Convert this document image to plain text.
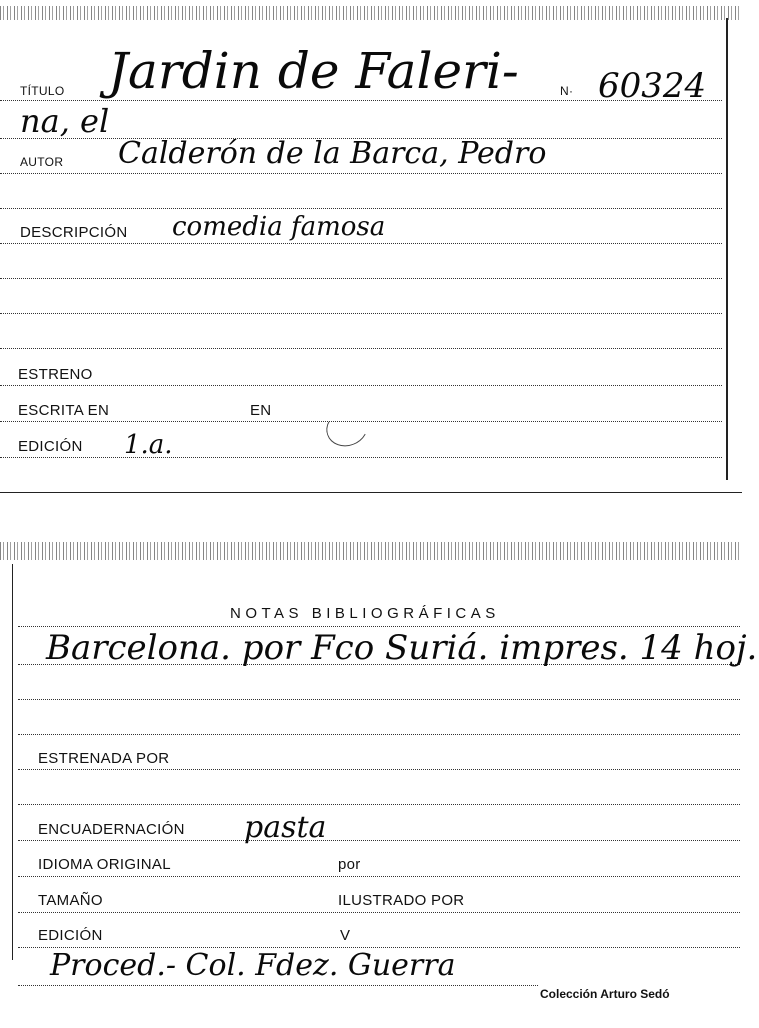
TÍTULO Jardin de Faleri-	N· 60324
na, el
AUTOR Calderón de la Barca, Pedro
DESCRIPCIÓN comedia famosa
ESTRENO
ESCRITA EN	EN
EDICIÓN 1.a.
NOTAS BIBLIOGRÁFICAS
Barcelona. por Fco Suriá. impres. 14 hoj.
ESTRENADA POR
ENCUADERNACIÓN pasta
IDIOMA ORIGINAL	por
TAMAÑO	ILUSTRADO POR
EDICIÓN	V
Proced.- Col. Fdez. Guerra
Colección Arturo Sedó
